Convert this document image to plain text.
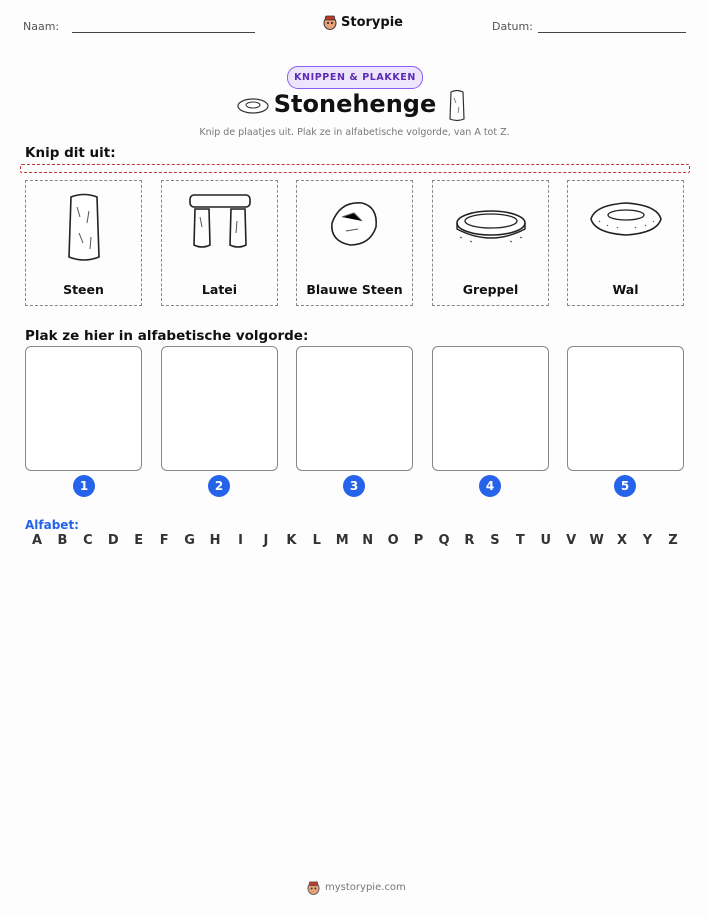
Naam:	Storypie	Datum:
KNIPPEN & PLAKKEN
Stonehenge
Knip de plaatjes uit. Plak ze in alfabetische volgorde, van A tot Z.
Knip dit uit:
Steen	Latei	Blauwe Steen	Greppel	Wal
Plak ze hier in alfabetische volgorde:
1	2	3	4	5
Alfabet:
A	B	C	D	E	F	G H	I	J	K	L	M N O	P	Q	R	S	T	U	V	W	X	Y	Z
mystorypie.com
